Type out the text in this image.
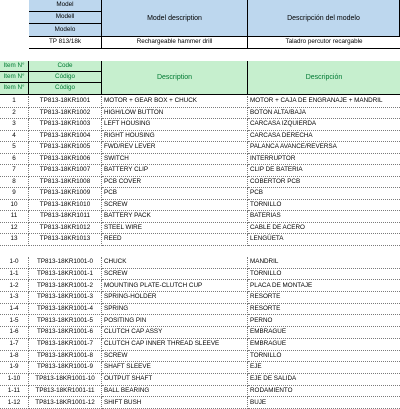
Model
Modell
Modelo
Model description	Descripción del modelo
TP 813/18k	Rechargeable hammer drill	Taladro percutor recargable
Item N°
Item N°
Item N°
Code
Código
Código
Description	Descripción
1	TP813-18KR1001	MOTOR + GEAR BOX + CHUCK	MOTOR + CAJA DE ENGRANAJE + MANDRIL
2	TP813-18KR1002	HIGH/LOW BUTTON	BOTON ALTA/BAJA
3	TP813-18KR1003	LEFT HOUSING	CARCASA IZQUIERDA
4	TP813-18KR1004	RIGHT HOUSING	CARCASA DERECHA
5	TP813-18KR1005	FWD/REV LEVER	PALANCA AVANCE/REVERSA
6	TP813-18KR1006	SWITCH	INTERRUPTOR
7	TP813-18KR1007	BATTERY CLIP	CLIP DE BATERIA
8	TP813-18KR1008	PCB COVER	COBERTOR PCB
9	TP813-18KR1009	PCB	PCB
10	TP813-18KR1010	SCREW	TORNILLO
11	TP813-18KR1011	BATTERY PACK	BATERIAS
12	TP813-18KR1012	STEEL WIRE	CABLE DE ACERO
13	TP813-18KR1013	REED	LENGÜETA
1-0	TP813-18KR1001-0	CHUCK	MANDRIL
1-1	TP813-18KR1001-1	SCREW	TORNILLO
1-2	TP813-18KR1001-2	MOUNTING PLATE-CLUTCH CUP	PLACA DE MONTAJE
1-3	TP813-18KR1001-3	SPRING-HOLDER	RESORTE
1-4	TP813-18KR1001-4	SPRING	RESORTE
1-5	TP813-18KR1001-5	POSITING PIN	PERNO
1-6	TP813-18KR1001-6	CLUTCH CAP ASSY	EMBRAGUE
1-7	TP813-18KR1001-7	CLUTCH CAP INNER THREAD SLEEVE	EMBRAGUE
1-8	TP813-18KR1001-8	SCREW	TORNILLO
1-9	TP813-18KR1001-9	SHAFT SLEEVE	EJE
1-10	TP813-18KR1001-10	OUTPUT SHAFT	EJE DE SALIDA
1-11	TP813-18KR1001-11	BALL BEARING	RODAMIENTO
1-12	TP813-18KR1001-12	SHIFT BUSH	BUJE
